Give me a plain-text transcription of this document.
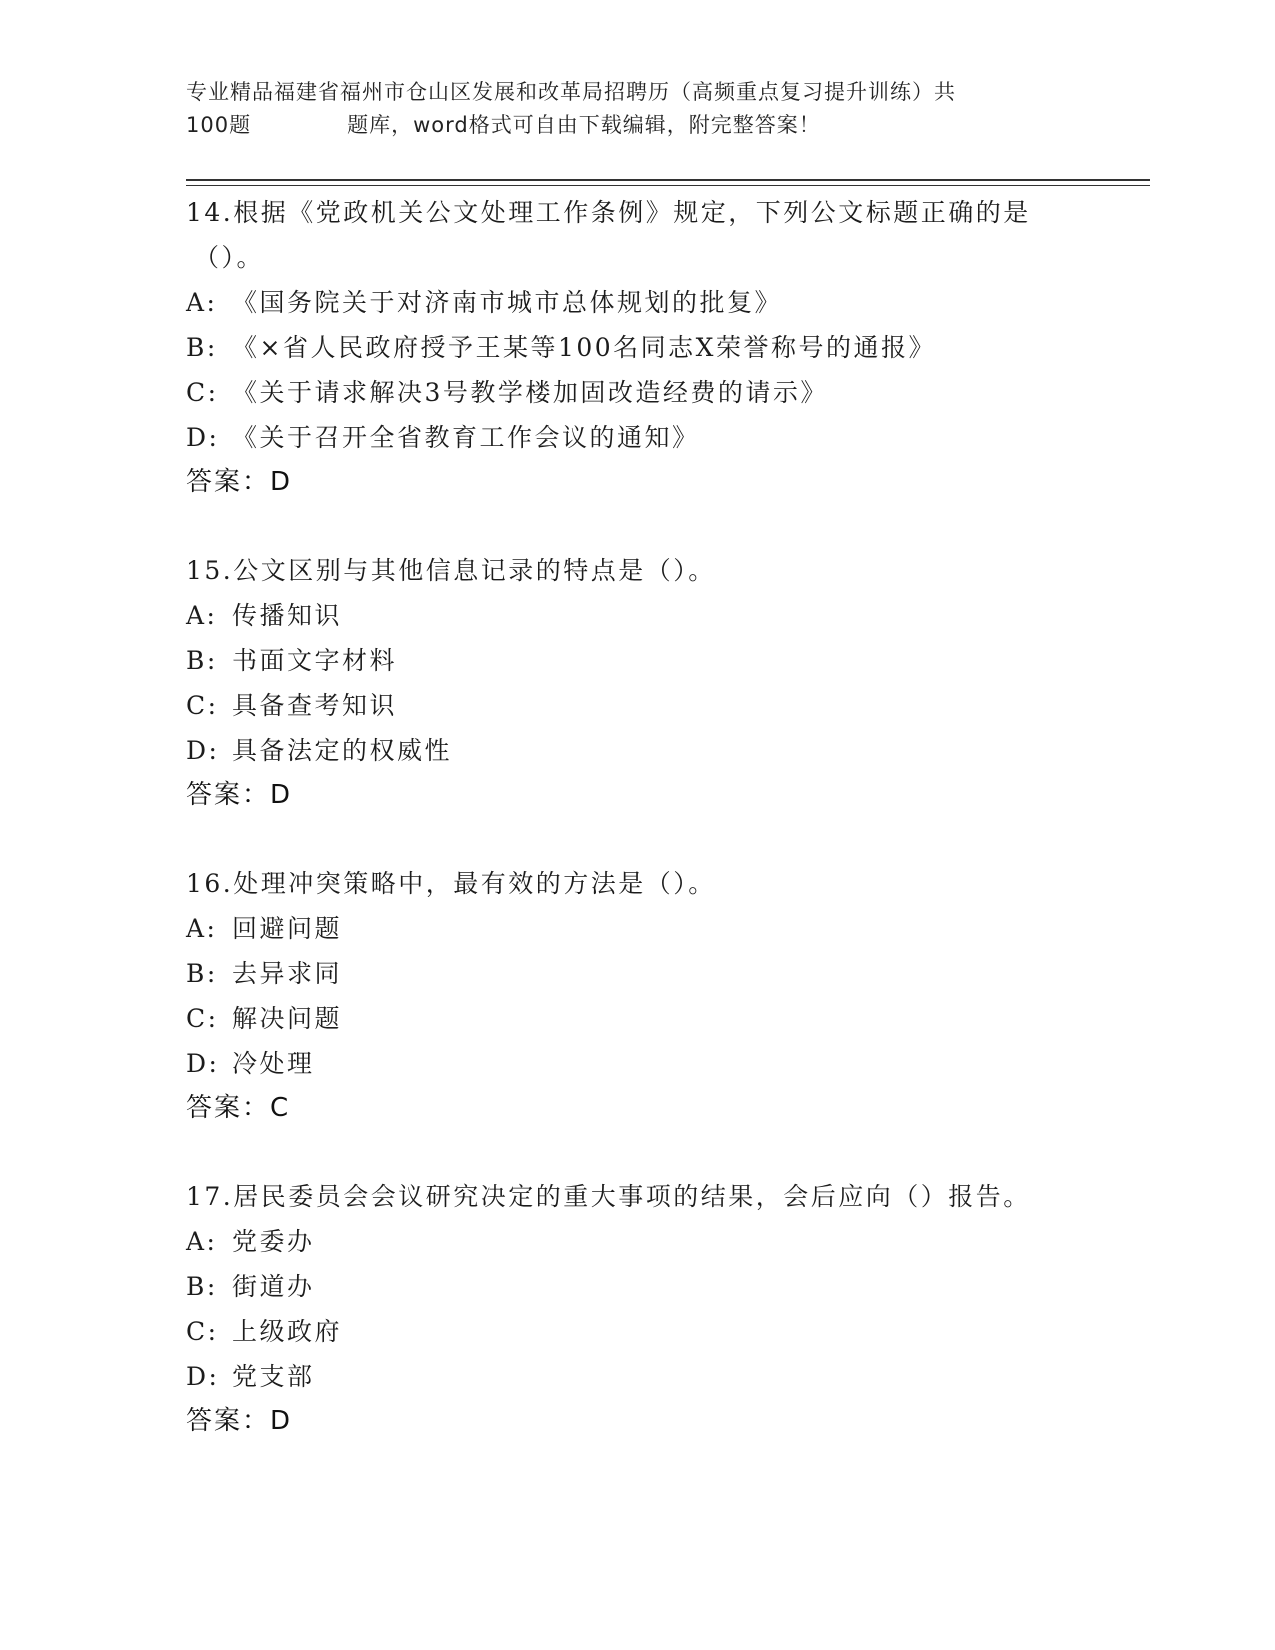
专业精品福建省福州市仓山区发展和改革局招聘历（高频重点复习提升训练）共
100题	题库，word格式可自由下载编辑，附完整答案！

14.根据《党政机关公文处理工作条例》规定，下列公文标题正确的是
（）。

A: 《国务院关于对济南市城市总体规划的批复》

B: 《×省人民政府授予王某等100名同志X荣誉称号的通报》

C: 《关于请求解决3号教学楼加固改造经费的请示》

D: 《关于召开全省教育工作会议的通知》

答案：D

15.公文区别与其他信息记录的特点是（）。

A: 传播知识

B: 书面文字材料

C: 具备查考知识

D: 具备法定的权威性

答案：D

16.处理冲突策略中，最有效的方法是（）。

A: 回避问题

B: 去异求同

C: 解决问题

D: 冷处理

答案：C

17.居民委员会会议研究决定的重大事项的结果，会后应向（）报告。

A: 党委办

B: 街道办

C: 上级政府

D: 党支部

答案：D
